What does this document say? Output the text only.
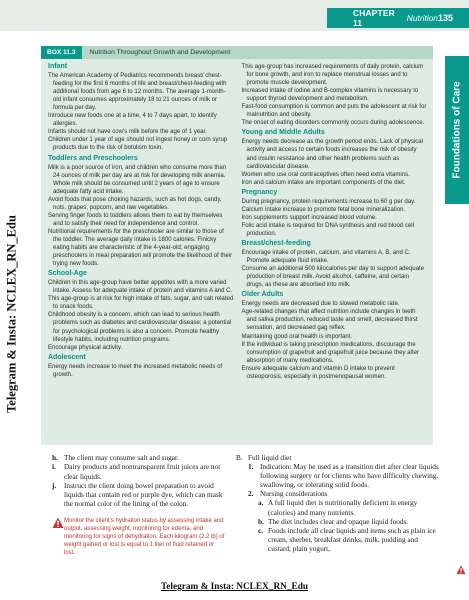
CHAPTER 11	Nutrition 135
Foundations of Care
Telegram & Insta: NCLEX_RN_Edu
BOX 11.3	Nutrition Throughout Growth and Development
Infant

The American Academy of Pediatrics recommends breast/ chest-feeding for the first 6 months of life and breast/chest-feeding with additional foods from age 6 to 12 months. The average 1-month-old infant consumes approximately 18 to 21 ounces of milk or formula per day.

Introduce new foods one at a time, 4 to 7 days apart, to identify allergies.

Infants should not have cow's milk before the age of 1 year.

Children under 1 year of age should not ingest honey or corn syrup products due to the risk of botulism toxin.

Toddlers and Preschoolers

Milk is a poor source of iron, and children who consume more than 24 ounces of milk per day are at risk for developing milk anemia. Whole milk should be consumed until 2 years of age to ensure adequate fatty acid intake.

Avoid foods that pose choking hazards, such as hot dogs, candy, nuts, grapes, popcorn, and raw vegetables.

Serving finger foods to toddlers allows them to eat by themselves and to satisfy their need for independence and control.

Nutritional requirements for the preschooler are similar to those of the toddler. The average daily intake is 1800 calories. Finicky eating habits are characteristic of the 4-year-old; engaging preschoolers in meal preparation will promote the likelihood of their trying new foods.

School-Age

Children in this age-group have better appetites with a more varied intake. Assess for adequate intake of protein and vitamins A and C.

This age-group is at risk for high intake of fats, sugar, and salt related to snack foods.

Childhood obesity is a concern, which can lead to serious health problems such as diabetes and cardiovascular disease; a potential for psychological problems is also a concern. Promote healthy lifestyle habits, including nutrition programs.

Encourage physical activity.

Adolescent

Energy needs increase to meet the increased metabolic needs of growth.

This age-group has increased requirements of daily protein, calcium for bone growth, and iron to replace menstrual losses and to promote muscle development.

Increased intake of iodine and B-complex vitamins is necessary to support thyroid development and metabolism.

Fast-food consumption is common and puts the adolescent at risk for malnutrition and obesity.

The onset of eating disorders commonly occurs during adolescence.

Young and Middle Adults

Energy needs decrease as the growth period ends. Lack of physical activity and access to certain foods increases the risk of obesity and insulin resistance and other health problems such as cardiovascular disease.

Women who use oral contraceptives often need extra vitamins.

Iron and calcium intake are important components of the diet.

Pregnancy

During pregnancy, protein requirements increase to 60 g per day.

Calcium intake increase to promote fetal bone mineralization.

Iron supplements support increased blood volume.

Folic acid intake is required for DNA synthesis and red blood cell production.

Breast/chest-feeding

Encourage intake of protein, calcium, and vitamins A, B, and C. Promote adequate fluid intake.

Consume an additional 500 kilocalories per day to support adequate production of breast milk. Avoid alcohol, caffeine, and certain drugs, as these are absorbed into milk.

Older Adults

Energy needs are decreased due to slowed metabolic rate.

Age-related changes that affect nutrition include changes in teeth and saliva production, reduced taste and smell, decreased thirst sensation, and decreased gag reflex.

Maintaining good oral health is important.

If the individual is taking prescription medications, discourage the consumption of grapefruit and grapefruit juice because they alter absorption of many medications.

Ensure adequate calcium and vitamin D intake to prevent osteoporosis, especially in postmenopausal women.

h. The client may consume salt and sugar.
i.	Dairy products and nontransparent fruit juices are not clear liquids.
j.	Instruct the client doing bowel preparation to avoid liquids that contain red or purple dye, which can mask the normal color of the lining of the colon.
Monitor the client's hydration status by assessing intake and output, assessing weight, monitoring for edema, and monitoring for signs of dehydration. Each kilogram (2.2 lb) of weight gained or lost is equal to 1 liter of fluid retained or lost.
B. Full liquid diet
1. Indication: May be used as a transition diet after clear liquids following surgery or for clients who have difficulty chewing, swallowing, or tolerating solid foods.
2. Nursing considerations
a. A full liquid diet is nutritionally deficient in energy (calories) and many nutrients.
b. The diet includes clear and opaque liquid foods.
c. Foods include all clear liquids and items such as plain ice cream, sherbet, breakfast drinks, milk, pudding and custard, plain yogurt,
Telegram & Insta: NCLEX_RN_Edu
